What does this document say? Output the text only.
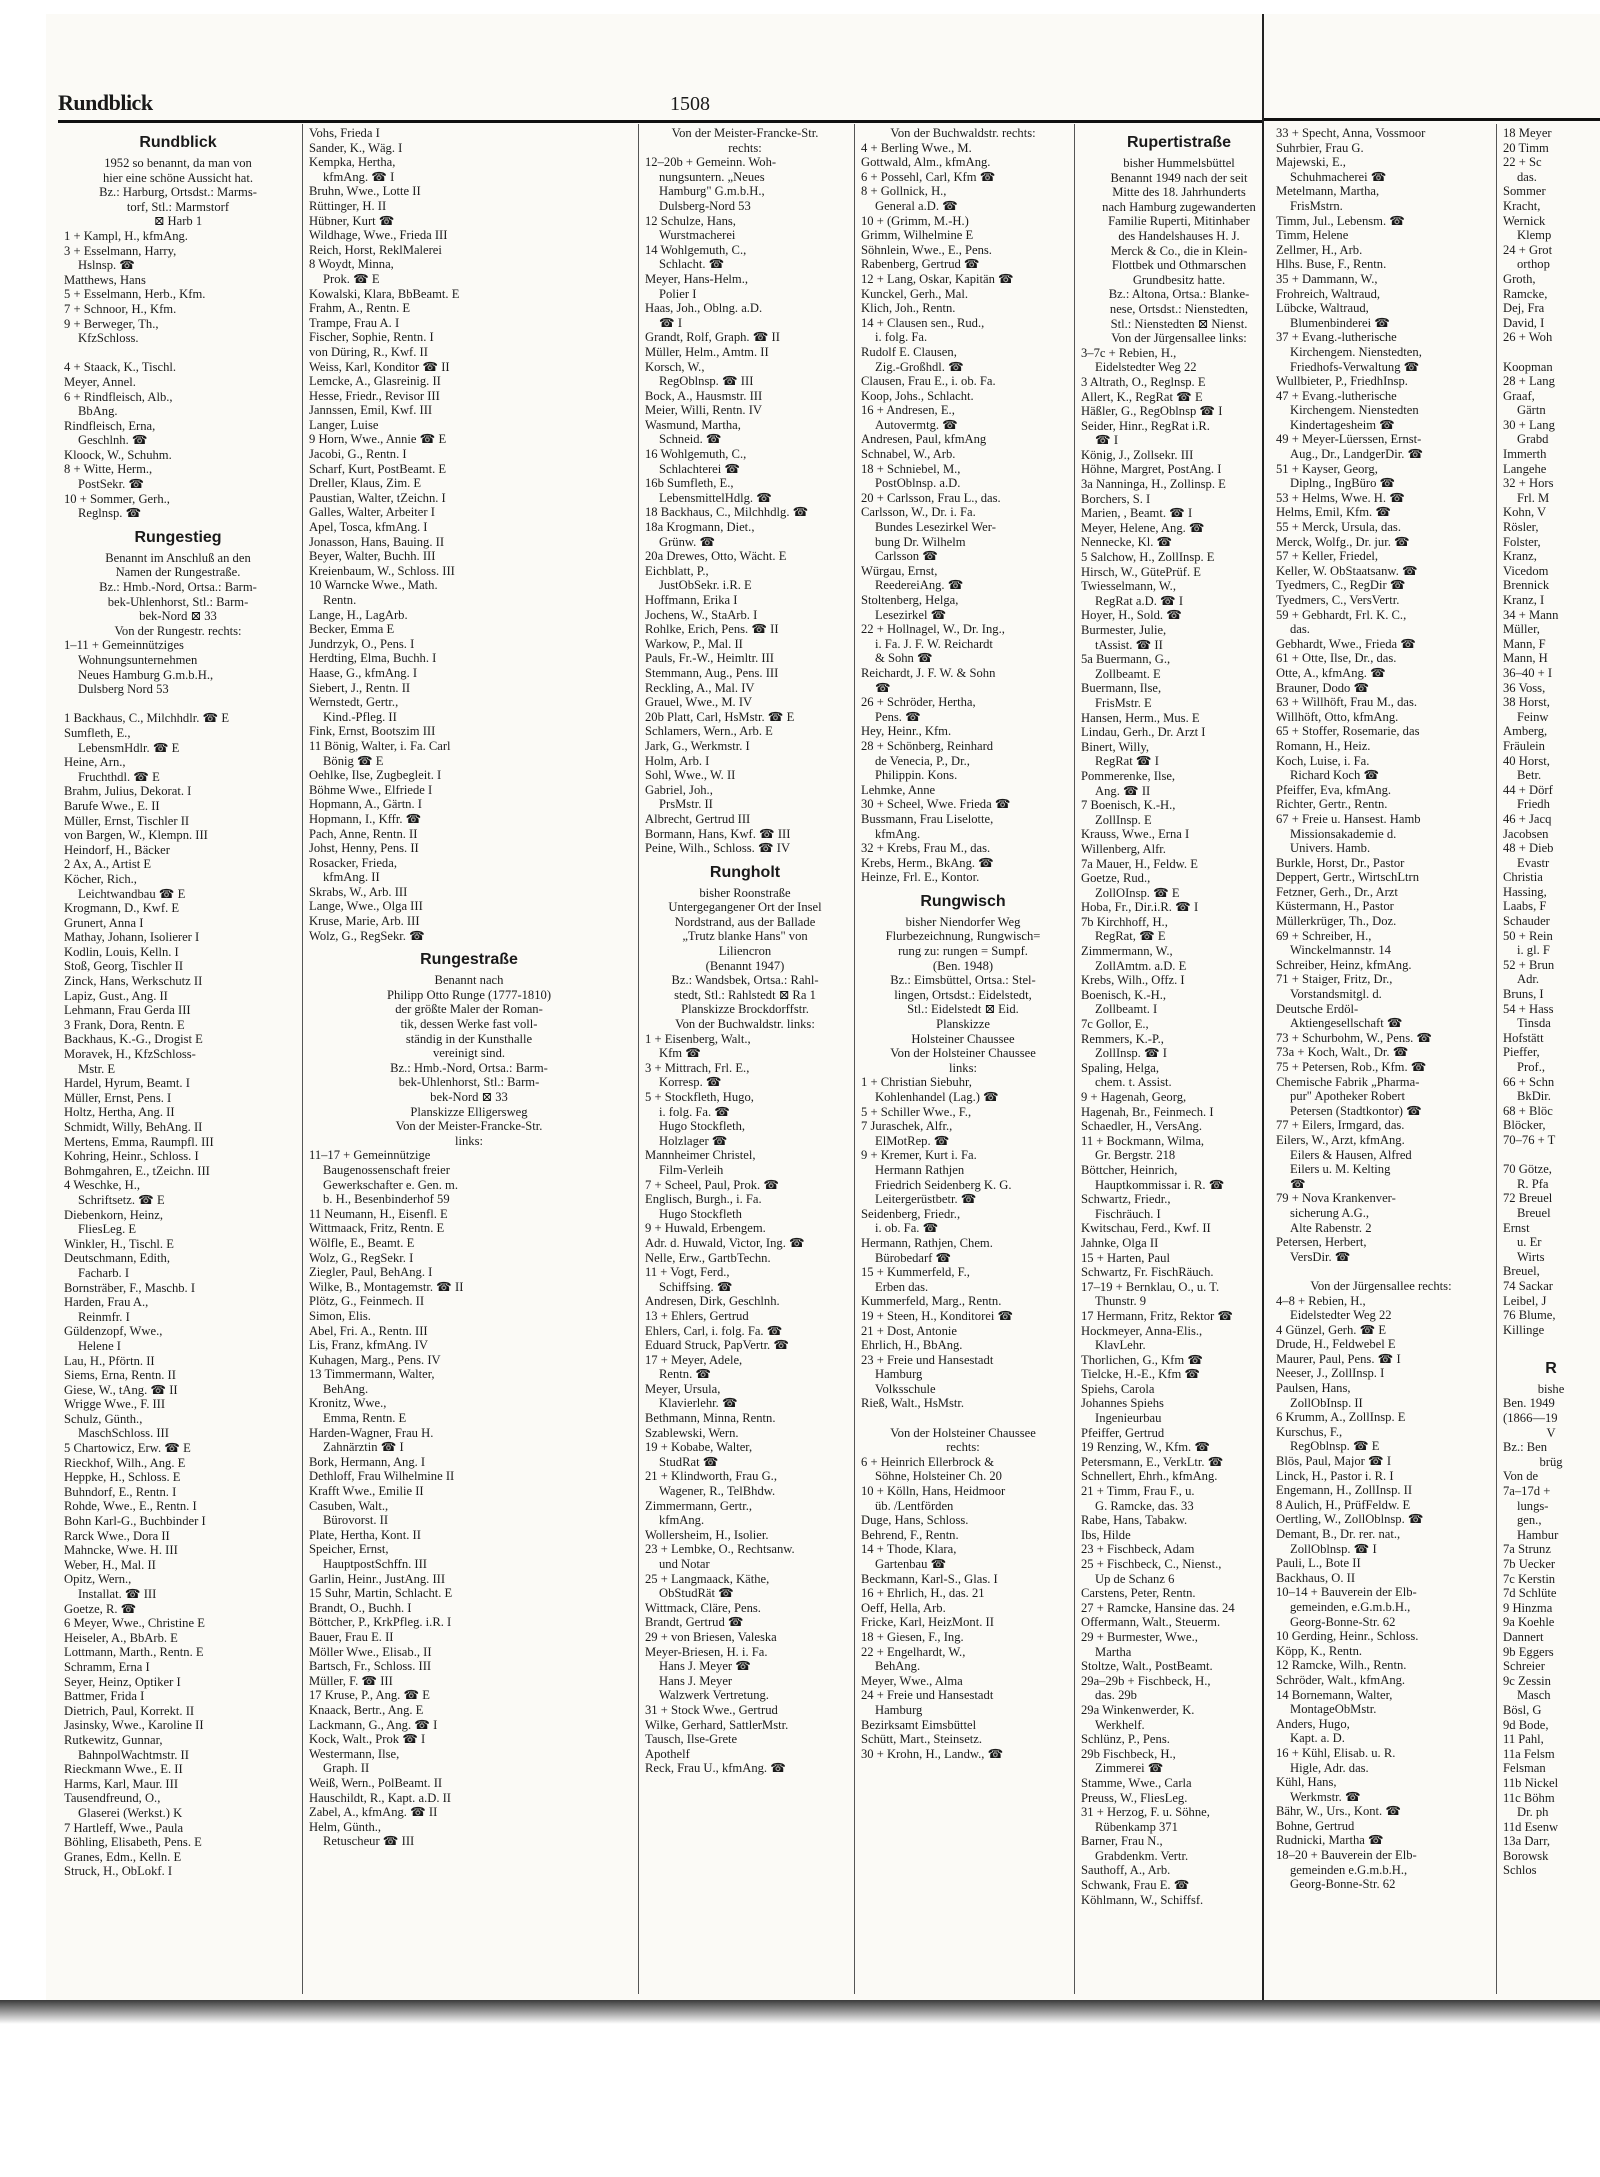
Rundblick	1508
Rundblick
1952 so benannt, da man von
hier eine schöne Aussicht hat.
Bz.: Harburg, Ortsdst.: Marms-
torf, Stl.: Marmstorf
⊠ Harb 1
1 + Kampl, H., kfmAng.
3 + Esselmann, Harry,
Hslnsp. ☎
Matthews, Hans
5 + Esselmann, Herb., Kfm.
7 + Schnoor, H., Kfm.
9 + Berweger, Th.,
KfzSchloss.

4 + Staack, K., Tischl.
Meyer, Annel.
6 + Rindfleisch, Alb.,
BbAng.
Rindfleisch, Erna,
Geschlnh. ☎
Kloock, W., Schuhm.
8 + Witte, Herm.,
PostSekr. ☎
10 + Sommer, Gerh.,
Reglnsp. ☎
Rungestieg
Benannt im Anschluß an den
Namen der Rungestraße.
Bz.: Hmb.-Nord, Ortsa.: Barm-
bek-Uhlenhorst, Stl.: Barm-
bek-Nord ⊠ 33
Von der Rungestr. rechts:
1–11 + Gemeinnütziges
Wohnungsunternehmen
Neues Hamburg G.m.b.H.,
Dulsberg Nord 53

1 Backhaus, C., Milchhdlr. ☎ E
Sumfleth, E.,
LebensmHdlr. ☎ E
Heine, Arn.,
Fruchthdl. ☎ E
Brahm, Julius, Dekorat. I
Barufe Wwe., E. II
Müller, Ernst, Tischler II
von Bargen, W., Klempn. III
Heindorf, H., Bäcker
2 Ax, A., Artist E
Köcher, Rich.,
Leichtwandbau ☎ E
Krogmann, D., Kwf. E
Grunert, Anna I
Mathay, Johann, Isolierer I
Kodlin, Louis, Kelln. I
Stoß, Georg, Tischler II
Zinck, Hans, Werkschutz II
Lapiz, Gust., Ang. II
Lehmann, Frau Gerda III
3 Frank, Dora, Rentn. E
Backhaus, K.-G., Drogist E
Moravek, H., KfzSchloss-
Mstr. E
Hardel, Hyrum, Beamt. I
Müller, Ernst, Pens. I
Holtz, Hertha, Ang. II
Schmidt, Willy, BehAng. II
Mertens, Emma, Raumpfl. III
Kohring, Heinr., Schloss. I
Bohmgahren, E., tZeichn. III
4 Weschke, H.,
Schriftsetz. ☎ E
Diebenkorn, Heinz,
FliesLeg. E
Winkler, H., Tischl. E
Deutschmann, Edith,
Facharb. I
Bornsträber, F., Maschb. I
Harden, Frau A.,
Reinmfr. I
Güldenzopf, Wwe.,
Helene I
Lau, H., Pförtn. II
Siems, Erna, Rentn. II
Giese, W., tAng. ☎ II
Wrigge Wwe., F. III
Schulz, Günth.,
MaschSchloss. III
5 Chartowicz, Erw. ☎ E
Rieckhof, Wilh., Ang. E
Heppke, H., Schloss. E
Buhndorf, E., Rentn. I
Rohde, Wwe., E., Rentn. I
Bohn Karl-G., Buchbinder I
Rarck Wwe., Dora II
Mahncke, Wwe. H. III
Weber, H., Mal. II
Opitz, Wern.,
Installat. ☎ III
Goetze, R. ☎
6 Meyer, Wwe., Christine E
Heiseler, A., BbArb. E
Lottmann, Marth., Rentn. E
Schramm, Erna I
Seyer, Heinz, Optiker I
Battmer, Frida I
Dietrich, Paul, Korrekt. II
Jasinsky, Wwe., Karoline II
Rutkewitz, Gunnar,
BahnpolWachtmstr. II
Rieckmann Wwe., E. II
Harms, Karl, Maur. III
Tausendfreund, O.,
Glaserei (Werkst.) K
7 Hartleff, Wwe., Paula
Böhling, Elisabeth, Pens. E
Granes, Edm., Kelln. E
Struck, H., ObLokf. I
Vohs, Frieda I
Sander, K., Wäg. I
Kempka, Hertha,
kfmAng. ☎ I
Bruhn, Wwe., Lotte II
Rüttinger, H. II
Hübner, Kurt ☎
Wildhage, Wwe., Frieda III
Reich, Horst, ReklMalerei
8 Woydt, Minna,
Prok. ☎ E
Kowalski, Klara, BbBeamt. E
Frahm, A., Rentn. E
Trampe, Frau A. I
Fischer, Sophie, Rentn. I
von Düring, R., Kwf. II
Weiss, Karl, Konditor ☎ II
Lemcke, A., Glasreinig. II
Hesse, Friedr., Revisor III
Jannssen, Emil, Kwf. III
Langer, Luise
9 Horn, Wwe., Annie ☎ E
Jacobi, G., Rentn. I
Scharf, Kurt, PostBeamt. E
Dreller, Klaus, Zim. E
Paustian, Walter, tZeichn. I
Galles, Walter, Arbeiter I
Apel, Tosca, kfmAng. I
Jonasson, Hans, Bauing. II
Beyer, Walter, Buchh. III
Kreienbaum, W., Schloss. III
10 Warncke Wwe., Math.
Rentn.
Lange, H., LagArb.
Becker, Emma E
Jundrzyk, O., Pens. I
Herdting, Elma, Buchh. I
Haase, G., kfmAng. I
Siebert, J., Rentn. II
Wernstedt, Gertr.,
Kind.-Pfleg. II
Fink, Ernst, Bootszim III
11 Bönig, Walter, i. Fa. Carl
Bönig ☎ E
Oehlke, Ilse, Zugbegleit. I
Böhme Wwe., Elfriede I
Hopmann, A., Gärtn. I
Hopmann, I., Kffr. ☎
Pach, Anne, Rentn. II
Johst, Henny, Pens. II
Rosacker, Frieda,
kfmAng. II
Skrabs, W., Arb. III
Lange, Wwe., Olga III
Kruse, Marie, Arb. III
Wolz, G., RegSekr. ☎
Rungestraße
Benannt nach
Philipp Otto Runge (1777-1810)
der größte Maler der Roman-
tik, dessen Werke fast voll-
ständig in der Kunsthalle
vereinigt sind.
Bz.: Hmb.-Nord, Ortsa.: Barm-
bek-Uhlenhorst, Stl.: Barm-
bek-Nord ⊠ 33
Planskizze Elligersweg
Von der Meister-Francke-Str.
links:
11–17 + Gemeinnützige
Baugenossenschaft freier
Gewerkschafter e. Gen. m.
b. H., Besenbinderhof 59
11 Neumann, H., Eisenfl. E
Wittmaack, Fritz, Rentn. E
Wölfle, E., Beamt. E
Wolz, G., RegSekr. I
Ziegler, Paul, BehAng. I
Wilke, B., Montagemstr. ☎ II
Plötz, G., Feinmech. II
Simon, Elis.
Abel, Fri. A., Rentn. III
Lis, Franz, kfmAng. IV
Kuhagen, Marg., Pens. IV
13 Timmermann, Walter,
BehAng.
Kronitz, Wwe.,
Emma, Rentn. E
Harden-Wagner, Frau H.
Zahnärztin ☎ I
Bork, Hermann, Ang. I
Dethloff, Frau Wilhelmine II
Krafft Wwe., Emilie II
Casuben, Walt.,
Bürovorst. II
Plate, Hertha, Kont. II
Speicher, Ernst,
HauptpostSchffn. III
Garlin, Heinr., JustAng. III
15 Suhr, Martin, Schlacht. E
Brandt, O., Buchh. I
Böttcher, P., KrkPfleg. i.R. I
Bauer, Frau E. II
Möller Wwe., Elisab., II
Bartsch, Fr., Schloss. III
Müller, F. ☎ III
17 Kruse, P., Ang. ☎ E
Knaack, Bertr., Ang. E
Lackmann, G., Ang. ☎ I
Kock, Walt., Prok ☎ I
Westermann, Ilse,
Graph. II
Weiß, Wern., PolBeamt. II
Hauschildt, R., Kapt. a.D. II
Zabel, A., kfmAng. ☎ II
Helm, Günth.,
Retuscheur ☎ III
Von der Meister-Francke-Str.
rechts:
12–20b + Gemeinn. Woh-
nungsuntern. „Neues
Hamburg" G.m.b.H.,
Dulsberg-Nord 53
12 Schulze, Hans,
Wurstmacherei
14 Wohlgemuth, C.,
Schlacht. ☎
Meyer, Hans-Helm.,
Polier I
Haas, Joh., Oblng. a.D.
☎ I
Grandt, Rolf, Graph. ☎ II
Müller, Helm., Amtm. II
Korsch, W.,
RegOblnsp. ☎ III
Bock, A., Hausmstr. III
Meier, Willi, Rentn. IV
Wasmund, Martha,
Schneid. ☎
16 Wohlgemuth, C.,
Schlachterei ☎
16b Sumfleth, E.,
LebensmittelHdlg. ☎
18 Backhaus, C., Milchhdlg. ☎
18a Krogmann, Diet.,
Grünw. ☎
20a Drewes, Otto, Wächt. E
Eichblatt, P.,
JustObSekr. i.R. E
Hoffmann, Erika I
Jochens, W., StaArb. I
Rohlke, Erich, Pens. ☎ II
Warkow, P., Mal. II
Pauls, Fr.-W., Heimltr. III
Stemmann, Aug., Pens. III
Reckling, A., Mal. IV
Grauel, Wwe., M. IV
20b Platt, Carl, HsMstr. ☎ E
Schlamers, Wern., Arb. E
Jark, G., Werkmstr. I
Holm, Arb. I
Sohl, Wwe., W. II
Gabriel, Joh.,
PrsMstr. II
Albrecht, Gertrud III
Bormann, Hans, Kwf. ☎ III
Peine, Wilh., Schloss. ☎ IV
Rungholt
bisher Roonstraße
Untergegangener Ort der Insel
Nordstrand, aus der Ballade
„Trutz blanke Hans" von
Liliencron
(Benannt 1947)
Bz.: Wandsbek, Ortsa.: Rahl-
stedt, Stl.: Rahlstedt ⊠ Ra 1
Planskizze Brockdorffstr.
Von der Buchwaldstr. links:
1 + Eisenberg, Walt.,
Kfm ☎
3 + Mittrach, Frl. E.,
Korresp. ☎
5 + Stockfleth, Hugo,
i. folg. Fa. ☎
Hugo Stockfleth,
Holzlager ☎
Mannheimer Christel,
Film-Verleih
7 + Scheel, Paul, Prok. ☎
Englisch, Burgh., i. Fa.
Hugo Stockfleth
9 + Huwald, Erbengem.
Adr. d. Huwald, Victor, Ing. ☎
Nelle, Erw., GartbTechn.
11 + Vogt, Ferd.,
Schiffsing. ☎
Andresen, Dirk, Geschlnh.
13 + Ehlers, Gertrud
Ehlers, Carl, i. folg. Fa. ☎
Eduard Struck, PapVertr. ☎
17 + Meyer, Adele,
Rentn. ☎
Meyer, Ursula,
Klavierlehr. ☎
Bethmann, Minna, Rentn.
Szablewski, Wern.
19 + Kobabe, Walter,
StudRat ☎
21 + Klindworth, Frau G.,
Wagener, R., TelBhdw.
Zimmermann, Gertr.,
kfmAng.
Wollersheim, H., Isolier.
23 + Lembke, O., Rechtsanw.
und Notar
25 + Langmaack, Käthe,
ObStudRät ☎
Wittmack, Cläre, Pens.
Brandt, Gertrud ☎
29 + von Briesen, Valeska
Meyer-Briesen, H. i. Fa.
Hans J. Meyer ☎
Hans J. Meyer
Walzwerk Vertretung.
31 + Stock Wwe., Gertrud
Wilke, Gerhard, SattlerMstr.
Tausch, Ilse-Grete
Apothelf
Reck, Frau U., kfmAng. ☎
Von der Buchwaldstr. rechts:
4 + Berling Wwe., M.
Gottwald, Alm., kfmAng.
6 + Possehl, Carl, Kfm ☎
8 + Gollnick, H.,
General a.D. ☎
10 + (Grimm, M.-H.)
Grimm, Wilhelmine E
Söhnlein, Wwe., E., Pens.
Rabenberg, Gertrud ☎
12 + Lang, Oskar, Kapitän ☎
Kunckel, Gerh., Mal.
Klich, Joh., Rentn.
14 + Clausen sen., Rud.,
i. folg. Fa.
Rudolf E. Clausen,
Zig.-Großhdl. ☎
Clausen, Frau E., i. ob. Fa.
Koop, Johs., Schlacht.
16 + Andresen, E.,
Autovermtg. ☎
Andresen, Paul, kfmAng
Schnabel, W., Arb.
18 + Schniebel, M.,
PostOblnsp. a.D.
20 + Carlsson, Frau L., das.
Carlsson, W., Dr. i. Fa.
Bundes Lesezirkel Wer-
bung Dr. Wilhelm
Carlsson ☎
Würgau, Ernst,
ReedereiAng. ☎
Stoltenberg, Helga,
Lesezirkel ☎
22 + Hollnagel, W., Dr. Ing.,
i. Fa. J. F. W. Reichardt
& Sohn ☎
Reichardt, J. F. W. & Sohn
☎
26 + Schröder, Hertha,
Pens. ☎
Hey, Heinr., Kfm.
28 + Schönberg, Reinhard
de Venecia, P., Dr.,
Philippin. Kons.
Lehmke, Anne
30 + Scheel, Wwe. Frieda ☎
Bussmann, Frau Liselotte,
kfmAng.
32 + Krebs, Frau M., das.
Krebs, Herm., BkAng. ☎
Heinze, Frl. E., Kontor.
Rungwisch
bisher Niendorfer Weg
Flurbezeichnung, Rungwisch=
rung zu: rungen = Sumpf.
(Ben. 1948)
Bz.: Eimsbüttel, Ortsa.: Stel-
lingen, Ortsdst.: Eidelstedt,
Stl.: Eidelstedt ⊠ Eid.
Planskizze
Holsteiner Chaussee
Von der Holsteiner Chaussee
links:
1 + Christian Siebuhr,
Kohlenhandel (Lag.) ☎
5 + Schiller Wwe., F.,
7 Juraschek, Alfr.,
ElMotRep. ☎
9 + Kremer, Kurt i. Fa.
Hermann Rathjen
Friedrich Seidenberg K. G.
Leitergerüstbetr. ☎
Seidenberg, Friedr.,
i. ob. Fa. ☎
Hermann, Rathjen, Chem.
Bürobedarf ☎
15 + Kummerfeld, F.,
Erben das.
Kummerfeld, Marg., Rentn.
19 + Steen, H., Konditorei ☎
21 + Dost, Antonie
Ehrlich, H., BbAng.
23 + Freie und Hansestadt
Hamburg
Volksschule
Rieß, Walt., HsMstr.

Von der Holsteiner Chaussee
rechts:
6 + Heinrich Ellerbrock &
Söhne, Holsteiner Ch. 20
10 + Kölln, Hans, Heidmoor
üb. /Lentförden
Duge, Hans, Schloss.
Behrend, F., Rentn.
14 + Thode, Klara,
Gartenbau ☎
Beckmann, Karl-S., Glas. I
16 + Ehrlich, H., das. 21
Oeff, Hella, Arb.
Fricke, Karl, HeizMont. II
18 + Giesen, F., Ing.
22 + Engelhardt, W.,
BehAng.
Meyer, Wwe., Alma
24 + Freie und Hansestadt
Hamburg
Bezirksamt Eimsbüttel
Schütt, Mart., Steinsetz.
30 + Krohn, H., Landw., ☎
Rupertistraße
bisher Hummelsbüttel
Benannt 1949 nach der seit
Mitte des 18. Jahrhunderts
nach Hamburg zugewanderten
Familie Ruperti, Mitinhaber
des Handelshauses H. J.
Merck & Co., die in Klein-
Flottbek und Othmarschen
Grundbesitz hatte.
Bz.: Altona, Ortsa.: Blanke-
nese, Ortsdst.: Nienstedten,
Stl.: Nienstedten ⊠ Nienst.
Von der Jürgensallee links:
3–7c + Rebien, H.,
Eidelstedter Weg 22
3 Altrath, O., Reglnsp. E
Allert, K., RegRat ☎ E
Häßler, G., RegOblnsp ☎ I
Seider, Hinr., RegRat i.R.
☎ I
König, J., Zollsekr. III
Höhne, Margret, PostAng. I
3a Nanninga, H., Zollinsp. E
Borchers, S. I
Marien, , Beamt. ☎ I
Meyer, Helene, Ang. ☎
Nennecke, Kl. ☎
5 Salchow, H., ZollInsp. E
Hirsch, W., GütePrüf. E
Twiesselmann, W.,
RegRat a.D. ☎ I
Hoyer, H., Sold. ☎
Burmester, Julie,
tAssist. ☎ II
5a Buermann, G.,
Zollbeamt. E
Buermann, Ilse,
FrisMstr. E
Hansen, Herm., Mus. E
Lindau, Gerh., Dr. Arzt I
Binert, Willy,
RegRat ☎ I
Pommerenke, Ilse,
Ang. ☎ II
7 Boenisch, K.-H.,
ZollInsp. E
Krauss, Wwe., Erna I
Willenberg, Alfr.
7a Mauer, H., Feldw. E
Goetze, Rud.,
ZollOInsp. ☎ E
Hoba, Fr., Dir.i.R. ☎ I
7b Kirchhoff, H.,
RegRat, ☎ E
Zimmermann, W.,
ZollAmtm. a.D. E
Krebs, Wilh., Offz. I
Boenisch, K.-H.,
Zollbeamt. I
7c Gollor, E.,
Remmers, K.-P.,
ZollInsp. ☎ I
Spaling, Helga,
chem. t. Assist.
9 + Hagenah, Georg,
Hagenah, Br., Feinmech. I
Schaedler, H., VersAng.
11 + Bockmann, Wilma,
Gr. Bergstr. 218
Böttcher, Heinrich,
Hauptkommissar i. R. ☎
Schwartz, Friedr.,
Fischräuch. I
Kwitschau, Ferd., Kwf. II
Jahnke, Olga II
15 + Harten, Paul
Schwartz, Fr. FischRäuch.
17–19 + Bernklau, O., u. T.
Thunstr. 9
17 Hermann, Fritz, Rektor ☎
Hockmeyer, Anna-Elis.,
KlavLehr.
Thorlichen, G., Kfm ☎
Tielcke, H.-E., Kfm ☎
Spiehs, Carola
Johannes Spiehs
Ingenieurbau
Pfeiffer, Gertrud
19 Renzing, W., Kfm. ☎
Petersmann, E., VerkLtr. ☎
Schnellert, Ehrh., kfmAng.
21 + Timm, Frau F., u.
G. Ramcke, das. 33
Rabe, Hans, Tabakw.
Ibs, Hilde
23 + Fischbeck, Adam
25 + Fischbeck, C., Nienst.,
Up de Schanz 6
Carstens, Peter, Rentn.
27 + Ramcke, Hansine das. 24
Offermann, Walt., Steuerm.
29 + Burmester, Wwe.,
Martha
Stoltze, Walt., PostBeamt.
29a–29b + Fischbeck, H.,
das. 29b
29a Winkenwerder, K.
Werkhelf.
Schlünz, P., Pens.
29b Fischbeck, H.,
Zimmerei ☎
Stamme, Wwe., Carla
Preuss, W., FliesLeg.
31 + Herzog, F. u. Söhne,
Rübenkamp 371
Barner, Frau N.,
Grabdenkm. Vertr.
Sauthoff, A., Arb.
Schwank, Frau E. ☎
Köhlmann, W., Schiffsf.
33 + Specht, Anna, Vossmoor
Suhrbier, Frau G.
Majewski, E.,
Schuhmacherei ☎
Metelmann, Martha,
FrisMstrn.
Timm, Jul., Lebensm. ☎
Timm, Helene
Zellmer, H., Arb.
Hlhs. Buse, F., Rentn.
35 + Dammann, W.,
Frohreich, Waltraud,
Lübcke, Waltraud,
Blumenbinderei ☎
37 + Evang.-lutherische
Kirchengem. Nienstedten,
Friedhofs-Verwaltung ☎
Wullbieter, P., FriedhInsp.
47 + Evang.-lutherische
Kirchengem. Nienstedten
Kindertagesheim ☎
49 + Meyer-Lüerssen, Ernst-
Aug., Dr., LandgerDir. ☎
51 + Kayser, Georg,
Diplng., IngBüro ☎
53 + Helms, Wwe. H. ☎
Helms, Emil, Kfm. ☎
55 + Merck, Ursula, das.
Merck, Wolfg., Dr. jur. ☎
57 + Keller, Friedel,
Keller, W. ObStaatsanw. ☎
Tyedmers, C., RegDir ☎
Tyedmers, C., VersVertr.
59 + Gebhardt, Frl. K. C.,
das.
Gebhardt, Wwe., Frieda ☎
61 + Otte, Ilse, Dr., das.
Otte, A., kfmAng. ☎
Brauner, Dodo ☎
63 + Willhöft, Frau M., das.
Willhöft, Otto, kfmAng.
65 + Stoffer, Rosemarie, das
Romann, H., Heiz.
Koch, Luise, i. Fa.
Richard Koch ☎
Pfeiffer, Eva, kfmAng.
Richter, Gertr., Rentn.
67 + Freie u. Hansest. Hamb
Missionsakademie d.
Univers. Hamb.
Burkle, Horst, Dr., Pastor
Deppert, Gertr., WirtschLtrn
Fetzner, Gerh., Dr., Arzt
Küstermann, H., Pastor
Müllerkrüger, Th., Doz.
69 + Schreiber, H.,
Winckelmannstr. 14
Schreiber, Heinz, kfmAng.
71 + Staiger, Fritz, Dr.,
Vorstandsmitgl. d.
Deutsche Erdöl-
Aktiengesellschaft ☎
73 + Schurbohm, W., Pens. ☎
73a + Koch, Walt., Dr. ☎
75 + Petersen, Rob., Kfm. ☎
Chemische Fabrik „Pharma-
pur" Apotheker Robert
Petersen (Stadtkontor) ☎
77 + Eilers, Irmgard, das.
Eilers, W., Arzt, kfmAng.
Eilers & Hausen, Alfred
Eilers u. M. Kelting
☎
79 + Nova Krankenver-
sicherung A.G.,
Alte Rabenstr. 2
Petersen, Herbert,
VersDir. ☎

Von der Jürgensallee rechts:
4–8 + Rebien, H.,
Eidelstedter Weg 22
4 Günzel, Gerh. ☎ E
Drude, H., Feldwebel E
Maurer, Paul, Pens. ☎ I
Neeser, J., ZollInsp. I
Paulsen, Hans,
ZollObInsp. II
6 Krumm, A., ZollInsp. E
Kurschus, F.,
RegOblnsp. ☎ E
Blös, Paul, Major ☎ I
Linck, H., Pastor i. R. I
Engemann, H., ZollInsp. II
8 Aulich, H., PrüfFeldw. E
Oertling, W., ZollOblnsp. ☎
Demant, B., Dr. rer. nat.,
ZollOblnsp. ☎ I
Pauli, L., Bote II
Backhaus, O. II
10–14 + Bauverein der Elb-
gemeinden, e.G.m.b.H.,
Georg-Bonne-Str. 62
10 Gerding, Heinr., Schloss.
Köpp, K., Rentn.
12 Ramcke, Wilh., Rentn.
Schröder, Walt., kfmAng.
14 Bornemann, Walter,
MontageObMstr.
Anders, Hugo,
Kapt. a. D.
16 + Kühl, Elisab. u. R.
Higle, Adr. das.
Kühl, Hans,
Werkmstr. ☎
Bähr, W., Urs., Kont. ☎
Bohne, Gertrud
Rudnicki, Martha ☎
18–20 + Bauverein der Elb-
gemeinden e.G.m.b.H.,
Georg-Bonne-Str. 62
18 Meyer
20 Timm
22 + Sc
das.
Sommer
Kracht,
Wernick
Klemp
24 + Grot
orthop
Groth,
Ramcke,
Dej, Fra
David, I
26 + Woh

Koopman
28 + Lang
Graaf,
Gärtn
30 + Lang
Grabd
Immerth
Langehe
32 + Hors
Frl. M
Kohn, V
Rösler,
Folster,
Kranz,
Vicedom
Brennick
Kranz, I
34 + Mann
Müller,
Mann, F
Mann, H
36–40 + I
36 Voss,
38 Horst,
Feinw
Amberg,
Fräulein
40 Horst,
Betr.
44 + Dörf
Friedh
46 + Jacq
Jacobsen
48 + Dieb
Evastr
Christia
Hassing,
Laabs, F
Schauder
50 + Rein
i. gl. F
52 + Brun
Adr.
Bruns, I
54 + Hass
Tinsda
Hofstätt
Pieffer,
Prof.,
66 + Schn
BkDir.
68 + Blöc
Blöcker,
70–76 + T

70 Götze,
R. Pfa
72 Breuel
Breuel
Ernst
u. Er
Wirts
Breuel,
74 Sackar
Leibel, J
76 Blume,
Killinge

R
bishe
Ben. 1949
(1866—19
V
Bz.: Ben
brüg
Von de
7a–17d +
lungs-
gen.,
Hambur
7a Strunz
7b Uecker
7c Kerstin
7d Schlüte
9 Hinzma
9a Koehle
Dannert
9b Eggers
Schreier
9c Zessin
Masch
Bösl, G
9d Bode,
11 Pahl,
11a Felsm
Felsman
11b Nickel
11c Böhm
Dr. ph
11d Esenw
13a Darr,
Borowsk
Schlos
